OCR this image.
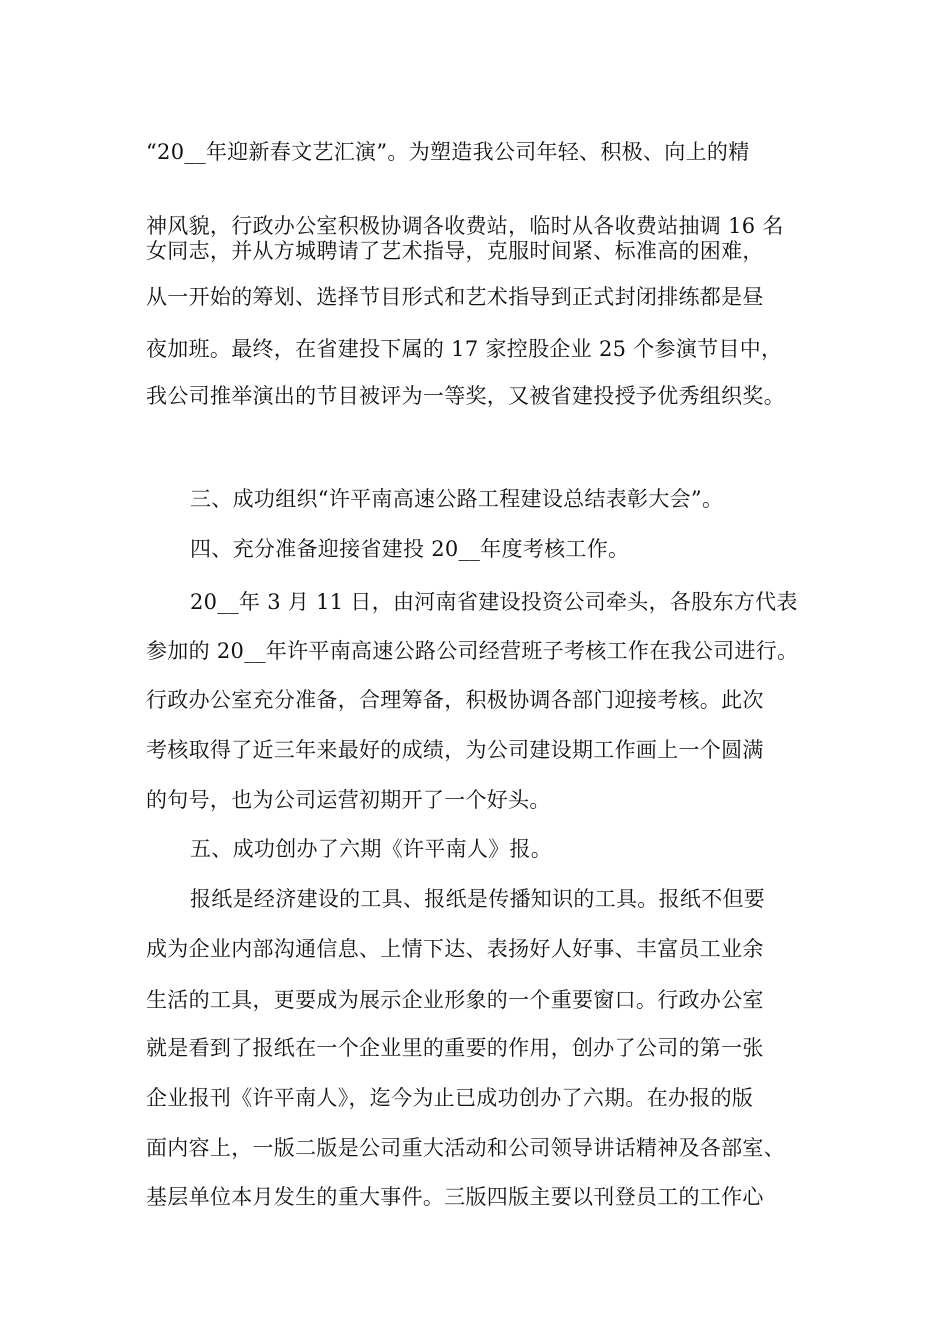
“20__年迎新春文艺汇演”。为塑造我公司年轻、积极、向上的精
神风貌，行政办公室积极协调各收费站，临时从各收费站抽调 16 名
女同志，并从方城聘请了艺术指导，克服时间紧、标准高的困难，
从一开始的筹划、选择节目形式和艺术指导到正式封闭排练都是昼
夜加班。最终，在省建投下属的 17 家控股企业 25 个参演节目中，
我公司推举演出的节目被评为一等奖，又被省建投授予优秀组织奖。
三、成功组织“许平南高速公路工程建设总结表彰大会”。
四、充分准备迎接省建投 20__年度考核工作。
20__年 3 月 11 日，由河南省建设投资公司牵头，各股东方代表
参加的 20__年许平南高速公路公司经营班子考核工作在我公司进行。
行政办公室充分准备，合理筹备，积极协调各部门迎接考核。此次
考核取得了近三年来最好的成绩，为公司建设期工作画上一个圆满
的句号，也为公司运营初期开了一个好头。
五、成功创办了六期《许平南人》报。
报纸是经济建设的工具、报纸是传播知识的工具。报纸不但要
成为企业内部沟通信息、上情下达、表扬好人好事、丰富员工业余
生活的工具，更要成为展示企业形象的一个重要窗口。行政办公室
就是看到了报纸在一个企业里的重要的作用，创办了公司的第一张
企业报刊《许平南人》，迄今为止已成功创办了六期。在办报的版
面内容上，一版二版是公司重大活动和公司领导讲话精神及各部室、
基层单位本月发生的重大事件。三版四版主要以刊登员工的工作心
